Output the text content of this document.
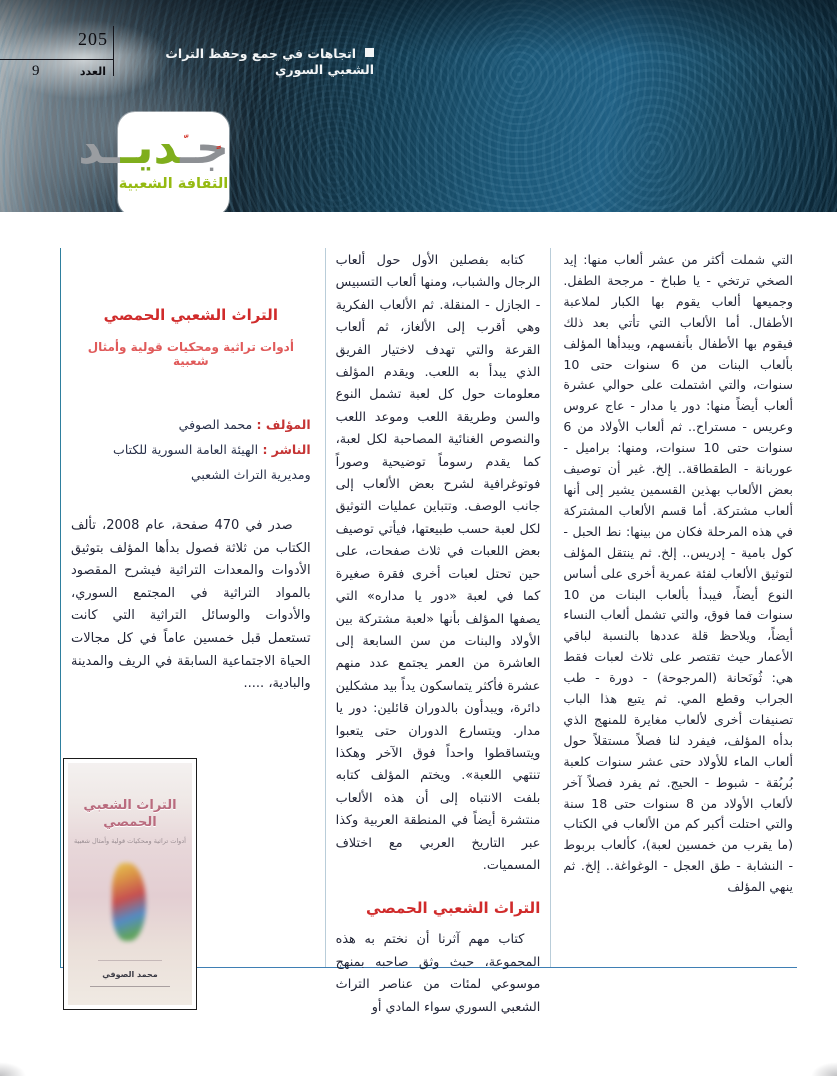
205
9	العدد
اتجاهات في جمع وحفظ التراث الشعبي السوري
جـديــد
الثقافة الشعبية

التي شملت أكثر من عشر ألعاب منها: إيد الصخي ترتخي - يا طباخ - مرجحة الطفل. وجميعها ألعاب يقوم بها الكبار لملاعبة الأطفال. أما الألعاب التي تأتي بعد ذلك فيقوم بها الأطفال بأنفسهم، ويبدأها المؤلف بألعاب البنات من 6 سنوات حتى 10 سنوات، والتي اشتملت على حوالي عشرة ألعاب أيضاً منها: دور يا مدار - عاج عروس وعريس - مستراح.. ثم ألعاب الأولاد من 6 سنوات حتى 10 سنوات، ومنها: براميل - عوربانة - الطقطاقة.. إلخ. غير أن توصيف بعض الألعاب بهذين القسمين يشير إلى أنها ألعاب مشتركة. أما قسم الألعاب المشتركة في هذه المرحلة فكان من بينها: نط الحبل - كول بامية - إدريس.. إلخ. ثم ينتقل المؤلف لتوثيق الألعاب لفئة عمرية أخرى على أساس النوع أيضاً، فيبدأ بألعاب البنات من 10 سنوات فما فوق، والتي تشمل ألعاب النساء أيضاً، ويلاحظ قلة عددها بالنسبة لباقي الأعمار حيث تقتصر على ثلاث لعبات فقط هي: ثُونَحانة (المرجوحة) - دورة - طب الجراب وقطع المي. ثم يتبع هذا الباب تصنيفات أخرى لألعاب مغايرة للمنهج الذي بدأه المؤلف، فيفرد لنا فصلاً مستقلاً حول ألعاب الماء للأولاد حتى عشر سنوات كلعبة بُربُقة - شبوط - الحيج. ثم يفرد فصلاً آخر لألعاب الأولاد من 8 سنوات حتى 18 سنة والتي احتلت أكبر كم من الألعاب في الكتاب (ما يقرب من خمسين لعبة)، كألعاب بربوط - النشابة - طق العجل - الوغواغة.. إلخ. ثم ينهي المؤلف

كتابه بفصلين الأول حول ألعاب الرجال والشباب، ومنها ألعاب التسبيس - الجازل - المنقلة. ثم الألعاب الفكرية وهي أقرب إلى الألغاز، ثم ألعاب القرعة والتي تهدف لاختيار الفريق الذي يبدأ به اللعب. ويقدم المؤلف معلومات حول كل لعبة تشمل النوع والسن وطريقة اللعب وموعد اللعب والنصوص الغنائية المصاحبة لكل لعبة، كما يقدم رسوماً توضيحية وصوراً فوتوغرافية لشرح بعض الألعاب إلى جانب الوصف. وتتباين عمليات التوثيق لكل لعبة حسب طبيعتها، فيأتي توصيف بعض اللعبات في ثلاث صفحات، على حين تحتل لعبات أخرى فقرة صغيرة كما في لعبة «دور يا مداره» التي يصفها المؤلف بأنها «لعبة مشتركة بين الأولاد والبنات من سن السابعة إلى العاشرة من العمر يجتمع عدد منهم عشرة فأكثر يتماسكون يداً بيد مشكلين دائرة، ويبدأون بالدوران قائلين: دور يا مدار. ويتسارع الدوران حتى يتعبوا ويتساقطوا واحداً فوق الآخر وهكذا تنتهي اللعبة». ويختم المؤلف كتابه بلفت الانتباه إلى أن هذه الألعاب منتشرة أيضاً في المنطقة العربية وكذا عبر التاريخ العربي مع اختلاف المسميات.

التراث الشعبي الحمصي

كتاب مهم آثرنا أن نختم به هذه المجموعة، حيث وثق صاحبه بمنهج موسوعي لمئات من عناصر التراث الشعبي السوري سواء المادي أو

التراث الشعبي الحمصي
أدوات تراثية ومحكيات قولية وأمثال شعبية
المؤلف : محمد الصوفي
الناشر : الهيئة العامة السورية للكتاب ومديرية التراث الشعبي

صدر في 470 صفحة، عام 2008، تألف الكتاب من ثلاثة فصول بدأها المؤلف بتوثيق الأدوات والمعدات التراثية فيشرح المقصود بالمواد التراثية في المجتمع السوري، والأدوات والوسائل التراثية التي كانت تستعمل قبل خمسين عاماً في كل مجالات الحياة الاجتماعية السابقة في الريف والمدينة والبادية، .....

التراث الشعبي الحمصي
أدوات تراثية ومحكيات قولية وأمثال شعبية
محمد الصوفي
